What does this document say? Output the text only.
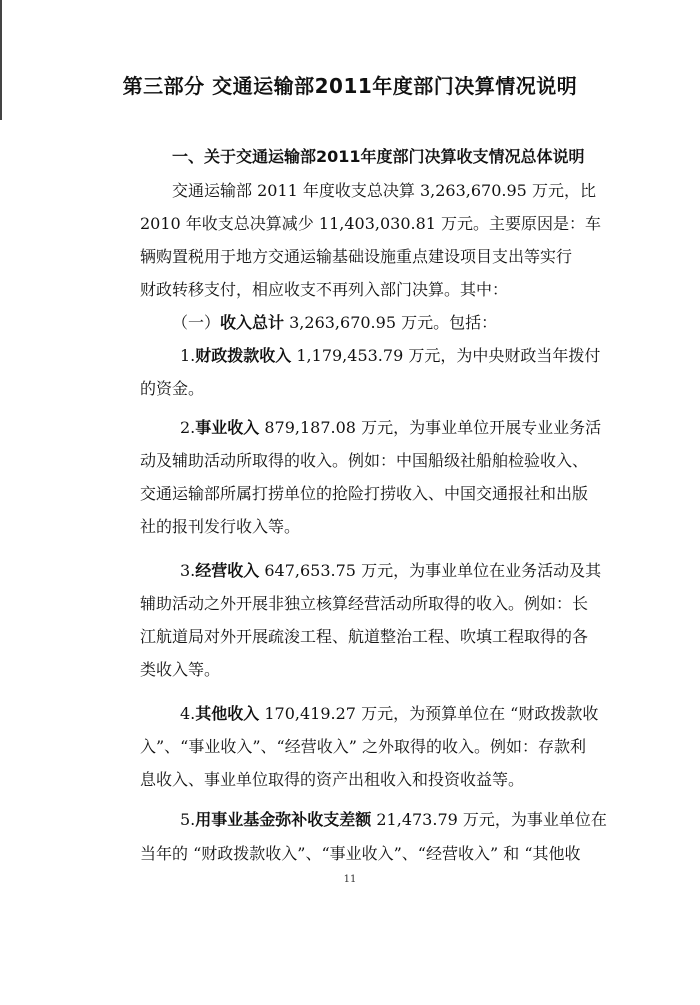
第三部分 交通运输部2011年度部门决算情况说明
一、关于交通运输部2011年度部门决算收支情况总体说明
交通运输部 2011 年度收支总决算 3,263,670.95 万元，比
2010 年收支总决算减少 11,403,030.81 万元。主要原因是：车
辆购置税用于地方交通运输基础设施重点建设项目支出等实行
财政转移支付，相应收支不再列入部门决算。其中：
（一）收入总计 3,263,670.95 万元。包括：
1.财政拨款收入 1,179,453.79 万元，为中央财政当年拨付
的资金。
2.事业收入 879,187.08 万元，为事业单位开展专业业务活
动及辅助活动所取得的收入。例如：中国船级社船舶检验收入、
交通运输部所属打捞单位的抢险打捞收入、中国交通报社和出版
社的报刊发行收入等。
3.经营收入 647,653.75 万元，为事业单位在业务活动及其
辅助活动之外开展非独立核算经营活动所取得的收入。例如：长
江航道局对外开展疏浚工程、航道整治工程、吹填工程取得的各
类收入等。
4.其他收入 170,419.27 万元，为预算单位在 “财政拨款收
入”、“事业收入”、“经营收入” 之外取得的收入。例如：存款利
息收入、事业单位取得的资产出租收入和投资收益等。
5.用事业基金弥补收支差额 21,473.79 万元，为事业单位在
当年的 “财政拨款收入”、“事业收入”、“经营收入” 和 “其他收
11
